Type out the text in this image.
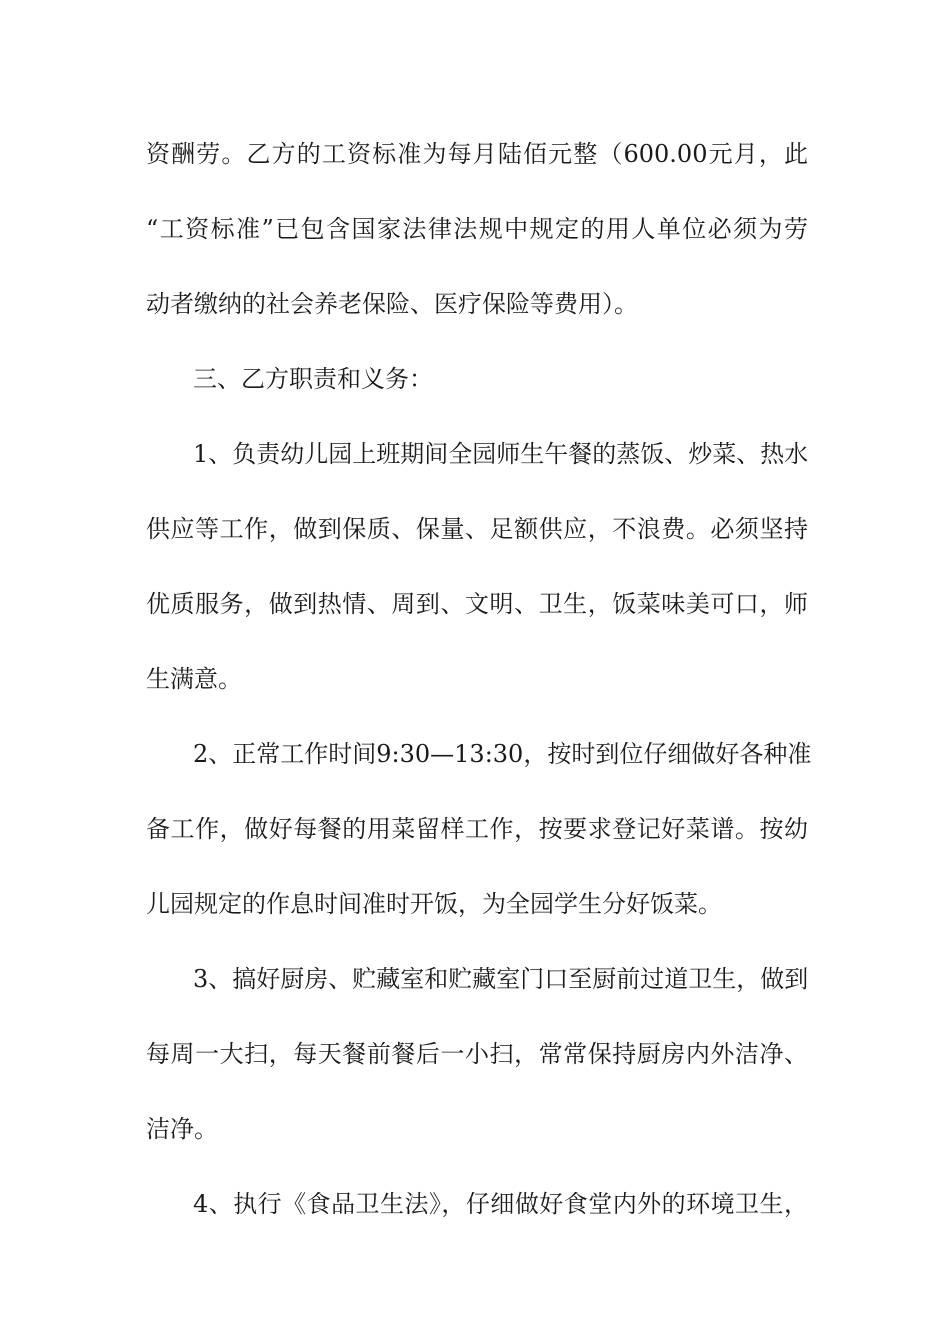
资酬劳。乙方的工资标准为每月陆佰元整（600.00元月，此
“工资标准”已包含国家法律法规中规定的用人单位必须为劳
动者缴纳的社会养老保险、医疗保险等费用）。
三、乙方职责和义务：
1、负责幼儿园上班期间全园师生午餐的蒸饭、炒菜、热水
供应等工作，做到保质、保量、足额供应，不浪费。必须坚持
优质服务，做到热情、周到、文明、卫生，饭菜味美可口，师
生满意。
2、正常工作时间9:30—13:30，按时到位仔细做好各种准
备工作，做好每餐的用菜留样工作，按要求登记好菜谱。按幼
儿园规定的作息时间准时开饭，为全园学生分好饭菜。
3、搞好厨房、贮藏室和贮藏室门口至厨前过道卫生，做到
每周一大扫，每天餐前餐后一小扫，常常保持厨房内外洁净、
洁净。
4、执行《食品卫生法》，仔细做好食堂内外的环境卫生，
